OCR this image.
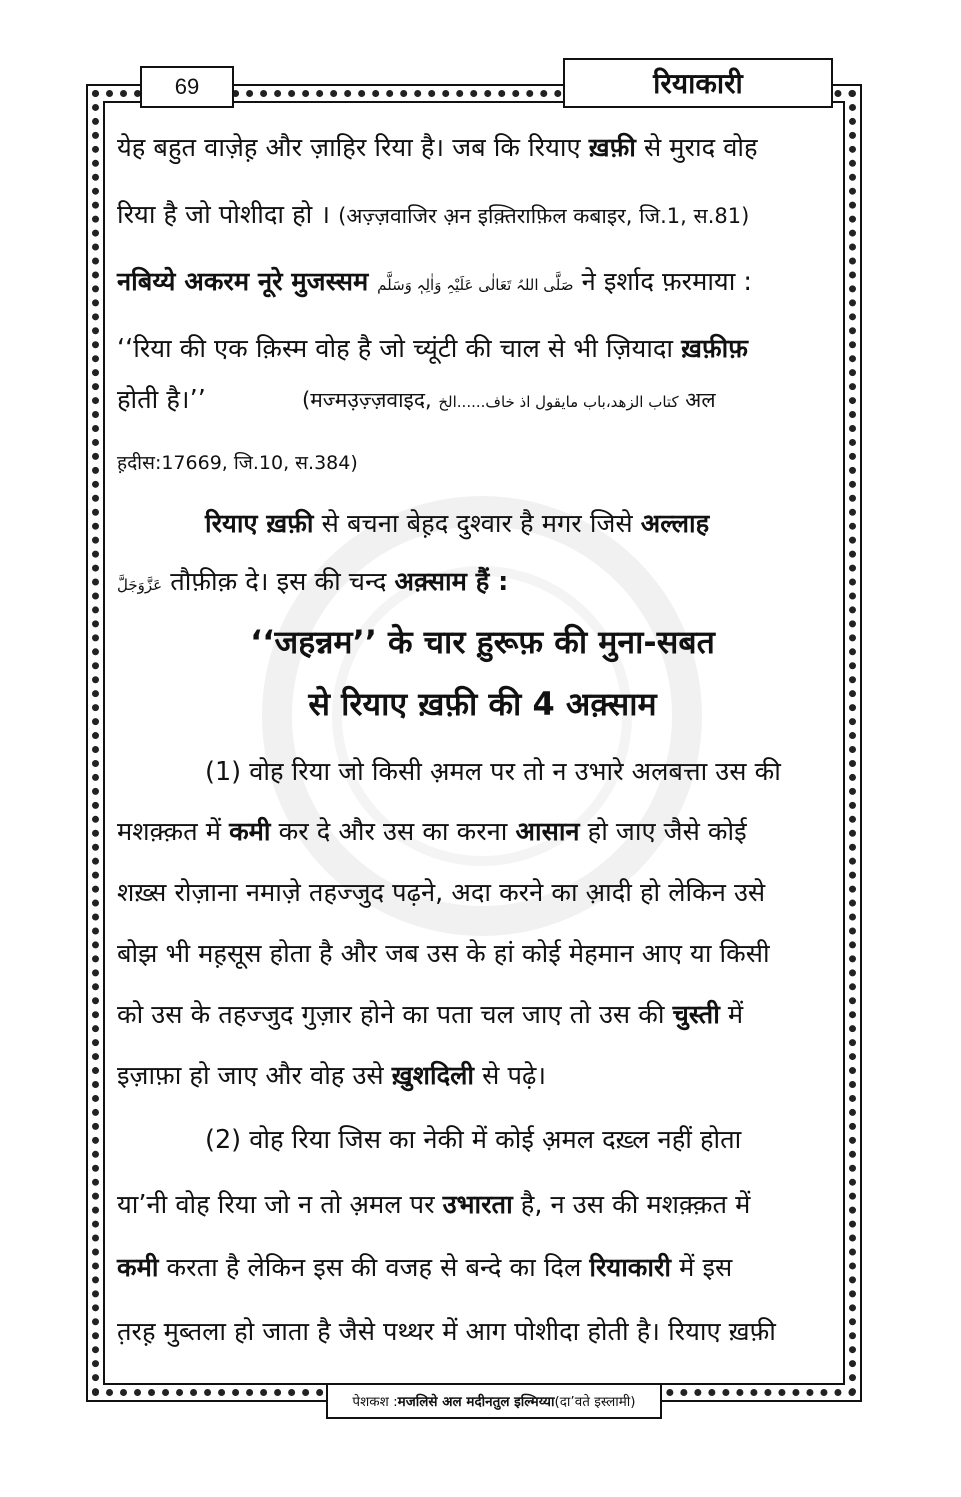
69	रियाकारी
येह बहुत वाज़ेह़ और ज़ाहिर रिया है। जब कि रियाए ख़फ़ी से मुराद वोह
रिया है जो पोशीदा हो । (अज़्ज़वाजिर अ़न इक़्तिराफ़िल कबाइर, जि.1, स.81)
नबिय्ये अकरम नूरे मुजस्सम صَلَّی اللہُ تَعَالٰی عَلَیْہِ وَاٰلِہٖ وَسَلَّم ने इर्शाद फ़रमाया :
‘‘रिया की एक क़िस्म वोह है जो च्यूंटी की चाल से भी ज़ियादा ख़फ़ीफ़
होती है।’’	(मज्मउ़ज़्ज़वाइद, کتاب الزھد،باب مایقول اذ خاف......الخ अल
ह़दीस:17669, जि.10, स.384)
रियाए ख़फ़ी से बचना बेह़द दुश्वार है मगर जिसे अल्लाह
عَزَّوَجَلَّ तौफ़ीक़ दे। इस की चन्द अक़्साम हैं :
‘‘जहन्नम’’ के चार ह़ुरूफ़ की मुना-सबत
से रियाए ख़फ़ी की 4 अक़्साम
(1) वोह रिया जो किसी अ़मल पर तो न उभारे अलबत्ता उस की
मशक़्क़त में कमी कर दे और उस का करना आसान हो जाए जैसे कोई
शख़्स रोज़ाना नमाज़े तहज्जुद पढ़ने, अदा करने का आ़दी हो लेकिन उसे
बोझ भी मह़सूस होता है और जब उस के हां कोई मेहमान आए या किसी
को उस के तहज्जुद गुज़ार होने का पता चल जाए तो उस की चुस्ती में
इज़ाफ़ा हो जाए और वोह उसे ख़ुशदिली से पढ़े।
(2) वोह रिया जिस का नेकी में कोई अ़मल दख़्ल नहीं होता
या’नी वोह रिया जो न तो अ़मल पर उभारता है, न उस की मशक़्क़त में
कमी करता है लेकिन इस की वजह से बन्दे का दिल रियाकारी में इस
त़रह़ मुब्तला हो जाता है जैसे पथ्थर में आग पोशीदा होती है। रियाए ख़फ़ी
पेशकश : मजलिसे अल मदीनतुल इल्मिय्या (दा’वते इस्लामी)
